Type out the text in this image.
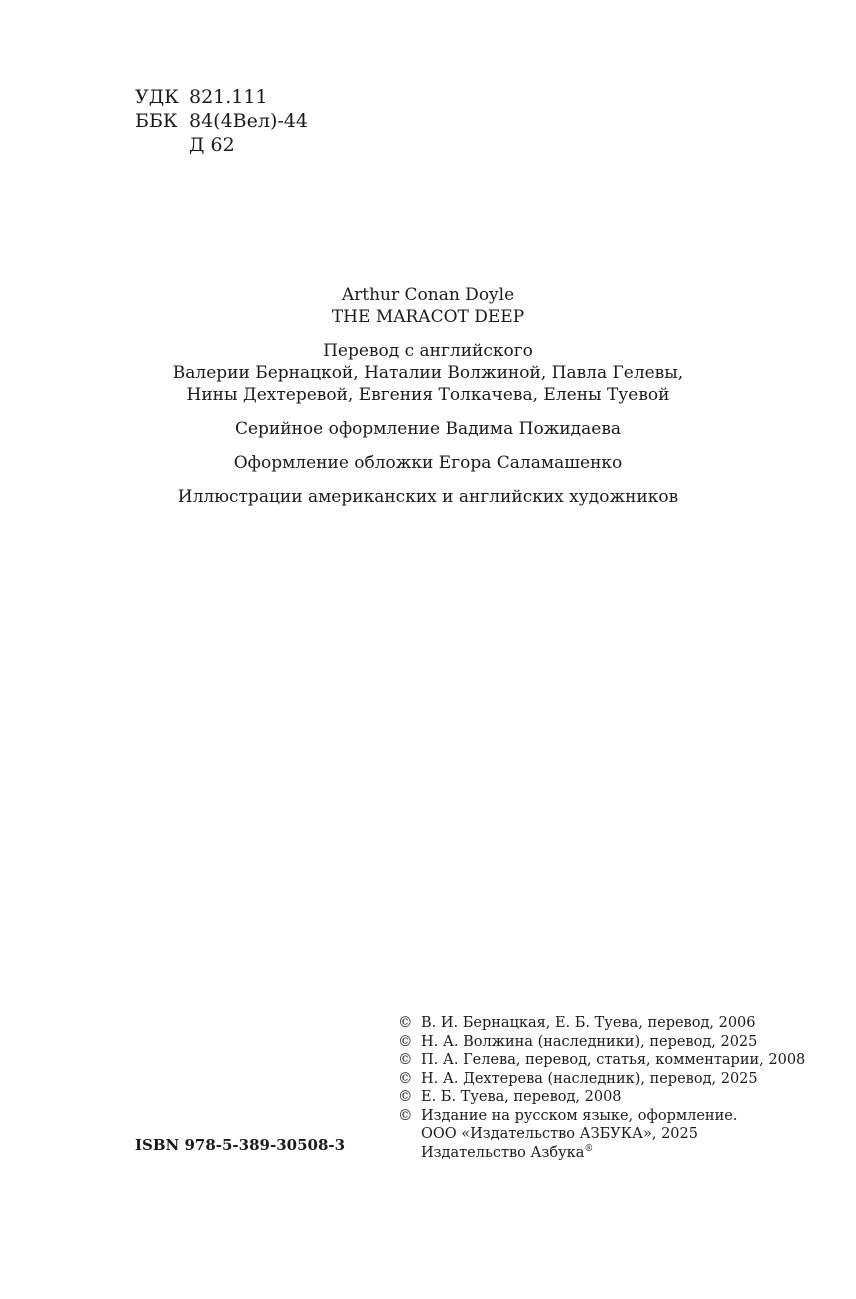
УДК 821.111
ББК 84(4Вел)-44
Д 62
Arthur Conan Doyle
THE MARACOT DEEP
Перевод с английского
Валерии Бернацкой, Наталии Волжиной, Павла Гелевы,
Нины Дехтеревой, Евгения Толкачева, Елены Туевой
Серийное оформление Вадима Пожидаева
Оформление обложки Егора Саламашенко
Иллюстрации американских и английских художников
© В. И. Бернацкая, Е. Б. Туева, перевод, 2006
© Н. А. Волжина (наследники), перевод, 2025
© П. А. Гелева, перевод, статья, комментарии, 2008
© Н. А. Дехтерева (наследник), перевод, 2025
© Е. Б. Туева, перевод, 2008
© Издание на русском языке, оформление.
ООО «Издательство АЗБУКА», 2025
Издательство Азбука®
ISBN 978-5-389-30508-3
